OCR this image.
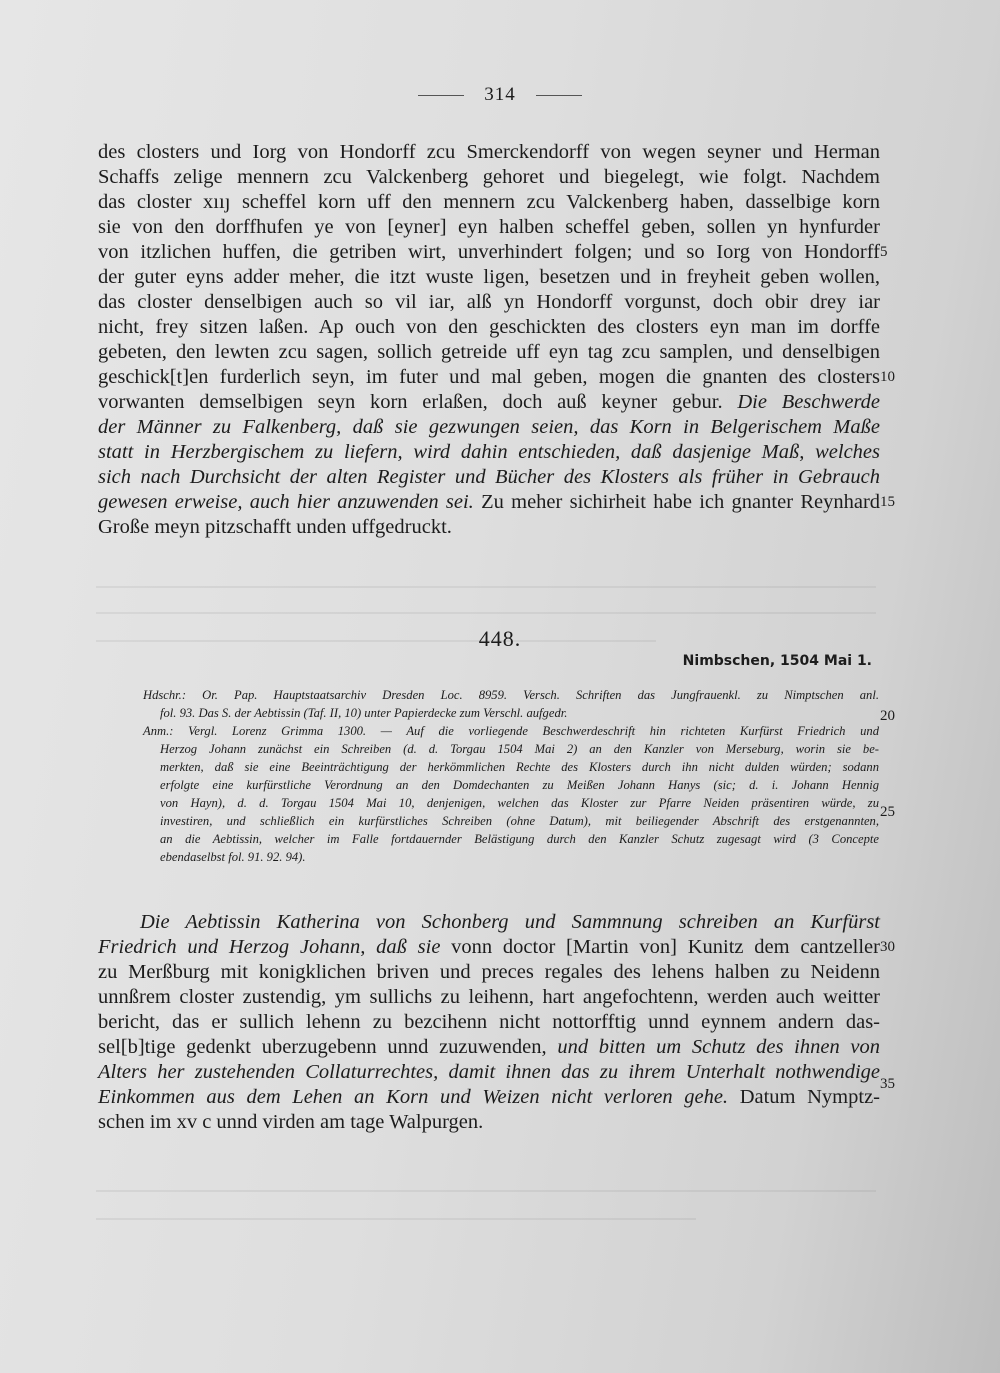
314
des closters und Iorg von Hondorff zcu Smerckendorff von wegen seyner und Herman
Schaffs zelige mennern zcu Valckenberg gehoret und biegelegt, wie folgt. Nachdem
das closter xııȷ scheffel korn uff den mennern zcu Valckenberg haben, dasselbige korn
sie von den dorffhufen ye von [eyner] eyn halben scheffel geben, sollen yn hynfurder
von itzlichen huffen, die getriben wirt, unverhindert folgen; und so Iorg von Hondorff
der guter eyns adder meher, die itzt wuste ligen, besetzen und in freyheit geben wollen,
das closter denselbigen auch so vil iar, alß yn Hondorff vorgunst, doch obir drey iar
nicht, frey sitzen laßen. Ap ouch von den geschickten des closters eyn man im dorffe
gebeten, den lewten zcu sagen, sollich getreide uff eyn tag zcu samplen, und denselbigen
geschick[t]en furderlich seyn, im futer und mal geben, mogen die gnanten des closters
vorwanten demselbigen seyn korn erlaßen, doch auß keyner gebur. Die Beschwerde
der Männer zu Falkenberg, daß sie gezwungen seien, das Korn in Belgerischem Maße
statt in Herzbergischem zu liefern, wird dahin entschieden, daß dasjenige Maß, welches
sich nach Durchsicht der alten Register und Bücher des Klosters als früher in Gebrauch
gewesen erweise, auch hier anzuwenden sei. Zu meher sichirheit habe ich gnanter Reynhard
Große meyn pitzschafft unden uffgedruckt.
5
10
15
448.
Nimbschen, 1504 Mai 1.
Hdschr.: Or. Pap. Hauptstaatsarchiv Dresden Loc. 8959. Versch. Schriften das Jungfrauenkl. zu Nimptschen anl.
fol. 93. Das S. der Aebtissin (Taf. II, 10) unter Papierdecke zum Verschl. aufgedr.
Anm.: Vergl. Lorenz Grimma 1300. — Auf die vorliegende Beschwerdeschrift hin richteten Kurfürst Friedrich und
Herzog Johann zunächst ein Schreiben (d. d. Torgau 1504 Mai 2) an den Kanzler von Merseburg, worin sie be-
merkten, daß sie eine Beeinträchtigung der herkömmlichen Rechte des Klosters durch ihn nicht dulden würden; sodann
erfolgte eine kurfürstliche Verordnung an den Domdechanten zu Meißen Johann Hanys (sic; d. i. Johann Hennig
von Hayn), d. d. Torgau 1504 Mai 10, denjenigen, welchen das Kloster zur Pfarre Neiden präsentiren würde, zu
investiren, und schließlich ein kurfürstliches Schreiben (ohne Datum), mit beiliegender Abschrift des erstgenannten,
an die Aebtissin, welcher im Falle fortdauernder Belästigung durch den Kanzler Schutz zugesagt wird (3 Concepte
ebendaselbst fol. 91. 92. 94).
20
25
Die Aebtissin Katherina von Schonberg und Sammnung schreiben an Kurfürst
Friedrich und Herzog Johann, daß sie vonn doctor [Martin von] Kunitz dem cantzeller
zu Merßburg mit konigklichen briven und preces regales des lehens halben zu Neidenn
unnßrem closter zustendig, ym sullichs zu leihenn, hart angefochtenn, werden auch weitter
bericht, das er sullich lehenn zu bezcihenn nicht nottorfftig unnd eynnem andern das-
sel[b]tige gedenkt uberzugebenn unnd zuzuwenden, und bitten um Schutz des ihnen von
Alters her zustehenden Collaturrechtes, damit ihnen das zu ihrem Unterhalt nothwendige
Einkommen aus dem Lehen an Korn und Weizen nicht verloren gehe. Datum Nymptz-
schen im xv c unnd virden am tage Walpurgen.
30
35
